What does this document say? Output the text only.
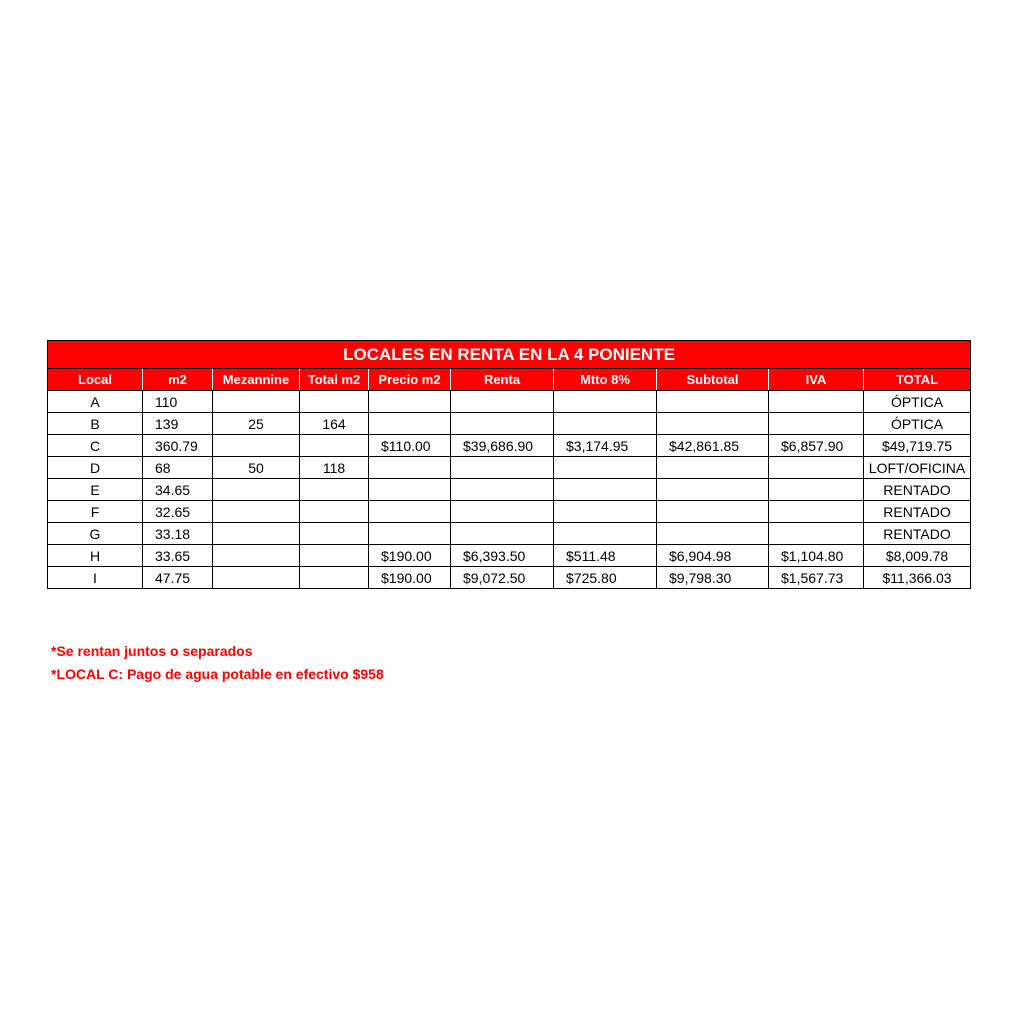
LOCALES EN RENTA EN LA 4 PONIENTE									
Local	m2	Mezannine	Total m2	Precio m2	Renta	Mtto 8%	Subtotal	IVA	TOTAL
A	110								ÓPTICA
B	139	25	164						ÓPTICA
C	360.79			$110.00	$39,686.90	$3,174.95	$42,861.85	$6,857.90	$49,719.75
D	68	50	118						LOFT/OFICINA
E	34.65								RENTADO
F	32.65								RENTADO
G	33.18								RENTADO
H	33.65			$190.00	$6,393.50	$511.48	$6,904.98	$1,104.80	$8,009.78
I	47.75			$190.00	$9,072.50	$725.80	$9,798.30	$1,567.73	$11,366.03
*Se rentan juntos o separados
*LOCAL C: Pago de agua potable en efectivo $958
